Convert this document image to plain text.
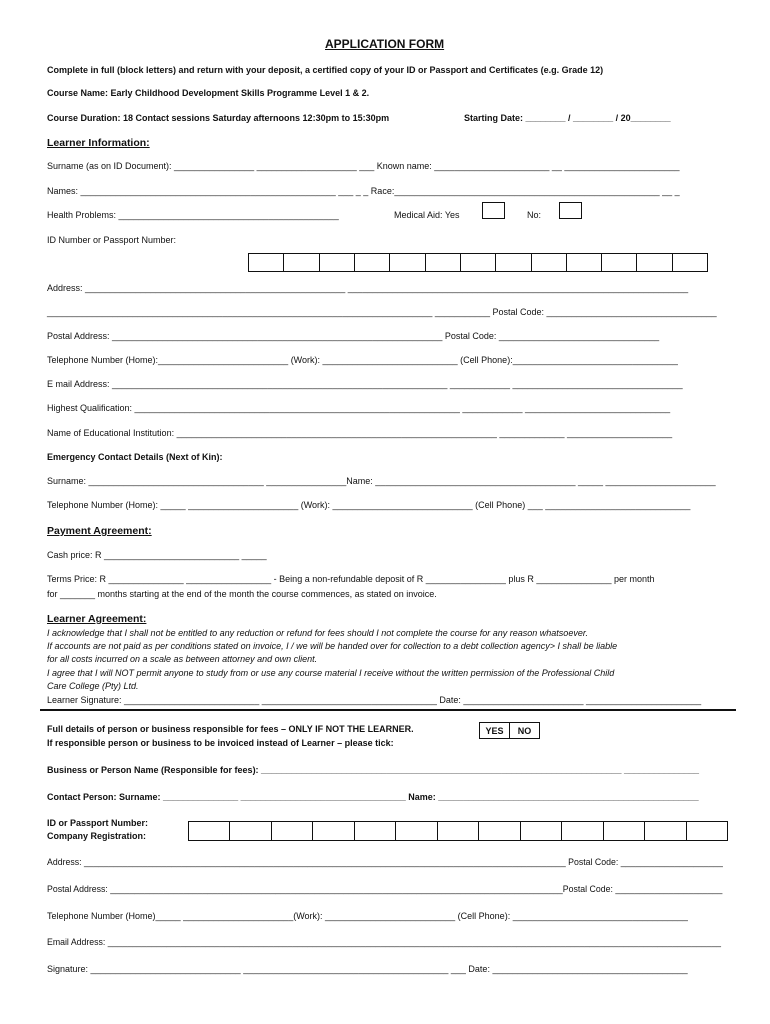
APPLICATION FORM
Complete in full (block letters) and return with your deposit, a certified copy of your ID or Passport and Certificates (e.g. Grade 12)
Course Name: Early Childhood Development Skills Programme Level 1 & 2.
Course Duration: 18 Contact sessions Saturday afternoons 12:30pm to 15:30pm	Starting Date: ________ / ________ / 20________
Learner Information:
Surname (as on ID Document): ________________ ____________________ ___ Known name: _______________________ __ _______________________
Names: ___________________________________________________ ___ _ _ Race:_____________________________________________________ __ _
Health Problems: ____________________________________________	Medical Aid: Yes	No:
ID Number or Passport Number:
Address: ____________________________________________________ ____________________________________________________________________
_____________________________________________________________________________ ___________ Postal Code: __________________________________
Postal Address: __________________________________________________________________ Postal Code: ________________________________
Telephone Number (Home):__________________________ (Work): ___________________________ (Cell Phone):_________________________________
E mail Address: ___________________________________________________________________ ____________ __________________________________
Highest Qualification: _________________________________________________________________ ____________ _____________________________
Name of Educational Institution: ________________________________________________________________ _____________ _____________________
Emergency Contact Details (Next of Kin):
Surname: ___________________________________ ________________Name: ________________________________________ _____ ______________________
Telephone Number (Home): _____ ______________________ (Work): ____________________________ (Cell Phone) ___ _____________________________
Payment Agreement:
Cash price: R ___________________________ _____
Terms Price: R _______________ _________________ - Being a non-refundable deposit of R ________________ plus R _______________ per month
for _______ months starting at the end of the month the course commences, as stated on invoice.
Learner Agreement:
I acknowledge that I shall not be entitled to any reduction or refund for fees should I not complete the course for any reason whatsoever.
If accounts are not paid as per conditions stated on invoice, I / we will be handed over for collection to a debt collection agency> I shall be liable
for all costs incurred on a scale as between attorney and own client.
I agree that I will NOT permit anyone to study from or use any course material I receive without the written permission of the Professional Child
Care College (Pty) Ltd.
Learner Signature: ___________________________ ___________________________________ Date: ________________________ _______________________
Full details of person or business responsible for fees – ONLY IF NOT THE LEARNER.
If responsible person or business to be invoiced instead of Learner – please tick:
YES	NO
Business or Person Name (Responsible for fees): ________________________________________________________________________ _______________
Contact Person: Surname: _______________ _________________________________ Name: ____________________________________________________
ID or Passport Number:
Company Registration:
Address: ___________________________________________________________________________________________________ Postal Code: _____________________
Postal Address: _____________________________________________________________________________________________Postal Code: ______________________
Telephone Number (Home)_____ ______________________(Work): __________________________ (Cell Phone): ___________________________________
Email Address: ______________________________________________________________________________________________________________________________
Signature: ______________________________ _________________________________________ ___ Date: _______________________________________
